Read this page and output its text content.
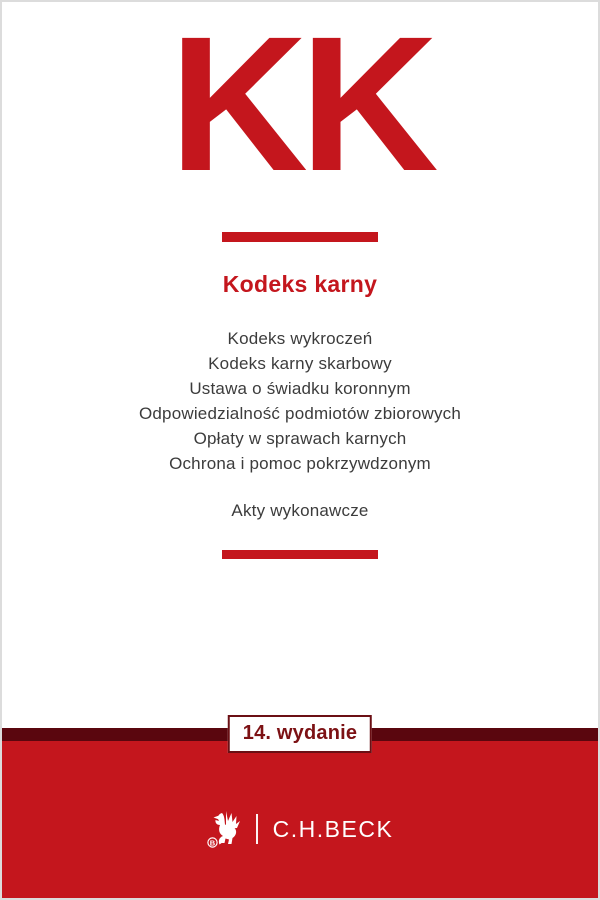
KK
Kodeks karny
Kodeks wykroczeń
Kodeks karny skarbowy
Ustawa o świadku koronnym
Odpowiedzialność podmiotów zbiorowych
Opłaty w sprawach karnych
Ochrona i pomoc pokrzywdzonym
Akty wykonawcze
14. wydanie
B
C.H.BECK
